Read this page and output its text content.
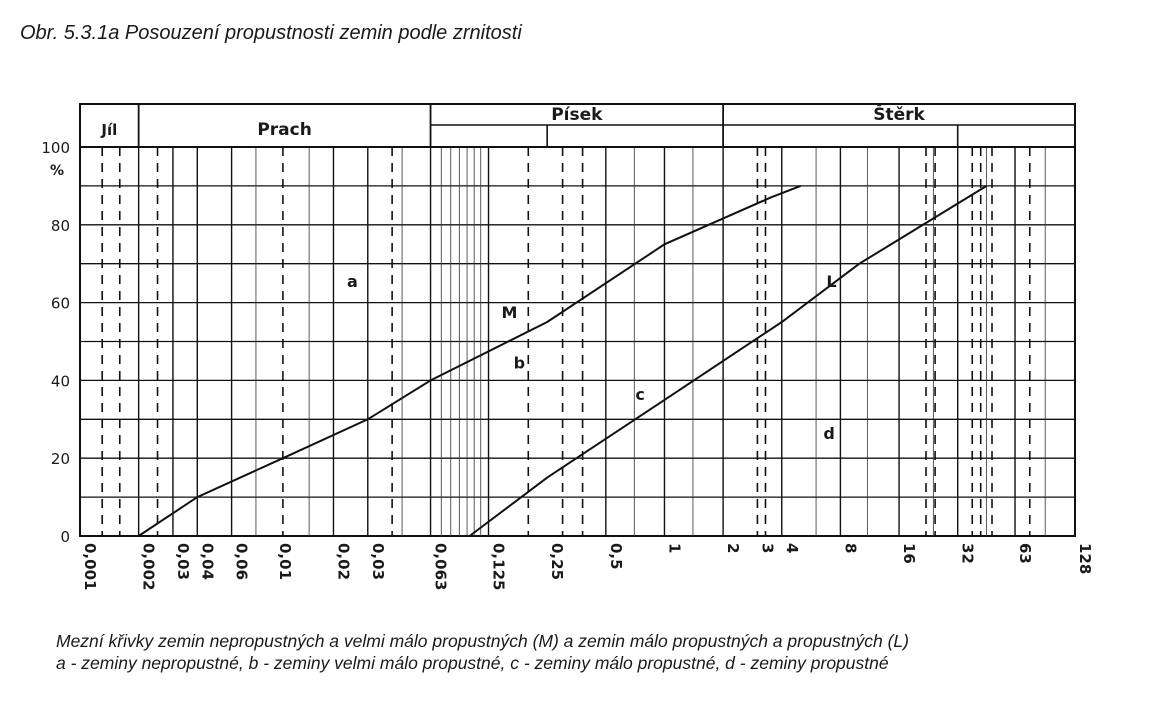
Obr. 5.3.1a Posouzení propustnosti zemin podle zrnitosti
Jíl	Prach
Písek	Štěrk
0
20
40
60
80
100
%
0,001	0,002 0,03 0,04 0,06 0,01	0,02 0,03	0,063	0,125	0,25	0,5	1	2 3 4	8	16	32	63	128
a
b
c
d
M
L
Mezní křivky zemin nepropustných a velmi málo propustných (M) a zemin málo propustných a propustných (L)
a - zeminy nepropustné, b - zeminy velmi málo propustné, c - zeminy málo propustné, d - zeminy propustné
